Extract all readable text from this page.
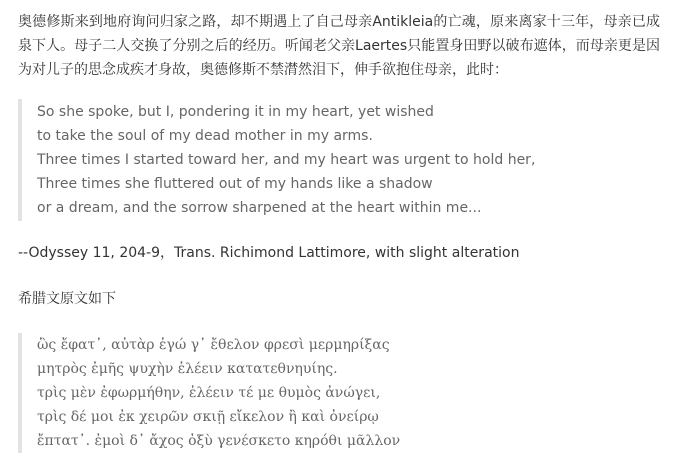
奥德修斯来到地府询问归家之路，却不期遇上了自己母亲Antikleia的亡魂，原来离家十三年，母亲已成泉下人。母子二人交换了分别之后的经历。听闻老父亲Laertes只能置身田野以破布遮体，而母亲更是因为对儿子的思念成疾才身故，奥德修斯不禁潸然泪下，伸手欲抱住母亲，此时：

So she spoke, but I, pondering it in my heart, yet wished
to take the soul of my dead mother in my arms.
Three times I started toward her, and my heart was urgent to hold her,
Three times she fluttered out of my hands like a shadow
or a dream, and the sorrow sharpened at the heart within me...

--Odyssey 11, 204-9，Trans. Richimond Lattimore, with slight alteration

希腊文原文如下

ὣς ἔφατ᾽, αὐτὰρ ἐγώ γ᾽ ἔθελον φρεσὶ μερμηρίξας
μητρὸς ἐμῆς ψυχὴν ἑλέειν κατατεθνηυίης.
τρὶς μὲν ἐφωρμήθην, ἑλέειν τέ με θυμὸς ἀνώγει,
τρὶς δέ μοι ἐκ χειρῶν σκιῇ εἴκελον ἢ καὶ ὀνείρῳ
ἔπτατ᾽. ἐμοὶ δ᾽ ἄχος ὀξὺ γενέσκετο κηρόθι μᾶλλον
